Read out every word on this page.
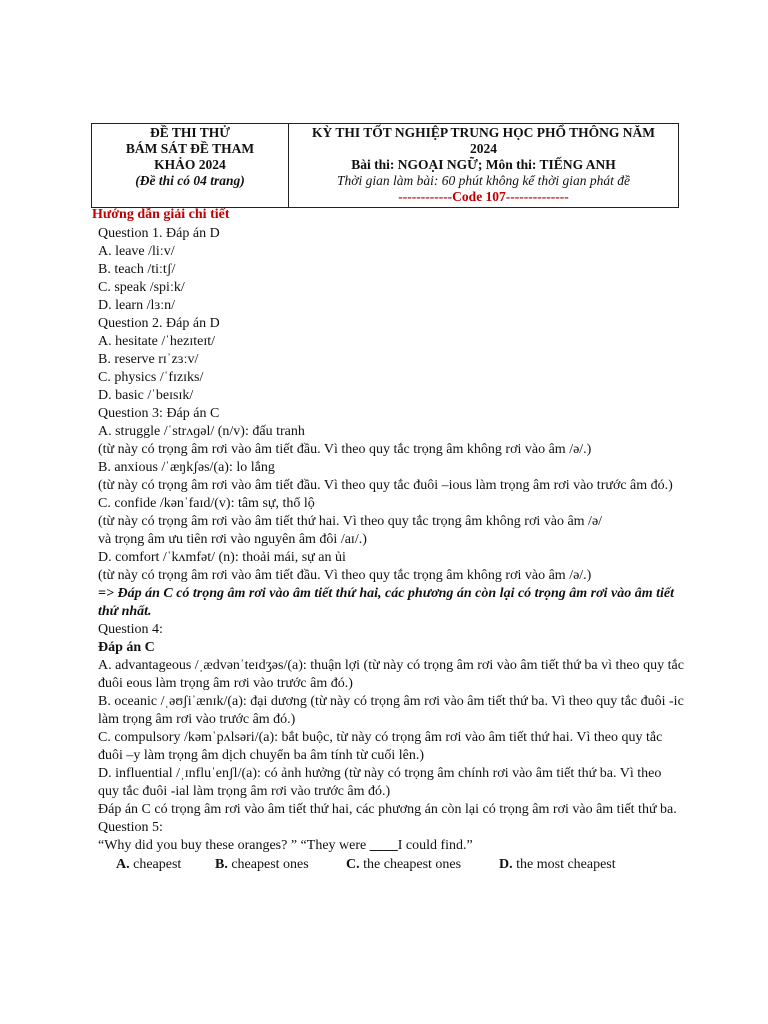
ĐỀ THI THỬ
BÁM SÁT ĐỀ THAM
KHẢO 2024
(Đề thi có 04 trang)

KỲ THI TỐT NGHIỆP TRUNG HỌC PHỔ THÔNG NĂM
2024
Bài thi: NGOẠI NGỮ; Môn thi: TIẾNG ANH
Thời gian làm bài: 60 phút không kể thời gian phát đề
------------Code 107--------------
Hướng dẫn giải chi tiết

Question 1. Đáp án D

A. leave /liːv/

B. teach /tiːtʃ/

C. speak /spiːk/

D. learn /lɜːn/

Question 2. Đáp án D

A. hesitate /ˈhezɪteɪt/

B. reserve rɪˈzɜːv/

C. physics /ˈfɪzɪks/

D. basic /ˈbeɪsɪk/

Question 3: Đáp án C

A. struggle /ˈstrʌɡəl/ (n/v): đấu tranh

(từ này có trọng âm rơi vào âm tiết đầu. Vì theo quy tắc trọng âm không rơi vào âm /ə/.)

B. anxious /ˈæŋkʃəs/(a): lo lắng

(từ này có trọng âm rơi vào âm tiết đầu. Vì theo quy tắc đuôi –ious làm trọng âm rơi vào trước âm đó.)

C. confide /kənˈfaɪd/(v): tâm sự, thổ lộ

(từ này có trọng âm rơi vào âm tiết thứ hai. Vì theo quy tắc trọng âm không rơi vào âm /ə/

và trọng âm ưu tiên rơi vào nguyên âm đôi /aɪ/.)

D. comfort /ˈkʌmfət/ (n): thoải mái, sự an ủi

(từ này có trọng âm rơi vào âm tiết đầu. Vì theo quy tắc trọng âm không rơi vào âm /ə/.)

=> Đáp án C có trọng âm rơi vào âm tiết thứ hai, các phương án còn lại có trọng âm rơi vào âm tiết thứ nhất.

Question 4:

Đáp án C

A. advantageous /ˌædvənˈteɪdʒəs/(a): thuận lợi (từ này có trọng âm rơi vào âm tiết thứ ba vì theo quy tắc đuôi eous làm trọng âm rơi vào trước âm đó.)

B. oceanic /ˌəʊʃiˈænɪk/(a): đại dương (từ này có trọng âm rơi vào âm tiết thứ ba. Vì theo quy tắc đuôi -ic làm trọng âm rơi vào trước âm đó.)

C. compulsory /kəmˈpʌlsəri/(a): bắt buộc, từ này có trọng âm rơi vào âm tiết thứ hai. Vì theo quy tắc đuôi –y làm trọng âm dịch chuyển ba âm tính từ cuối lên.)

D. influential /ˌɪnfluˈenʃl/(a): có ảnh hưởng (từ này có trọng âm chính rơi vào âm tiết thứ ba. Vì theo quy tắc đuôi -ial làm trọng âm rơi vào trước âm đó.)

Đáp án C có trọng âm rơi vào âm tiết thứ hai, các phương án còn lại có trọng âm rơi vào âm tiết thứ ba.

Question 5:

“Why did you buy these oranges? ” “They were ____I could find.”

A. cheapest	B. cheapest ones	C. the cheapest ones	D. the most cheapest
